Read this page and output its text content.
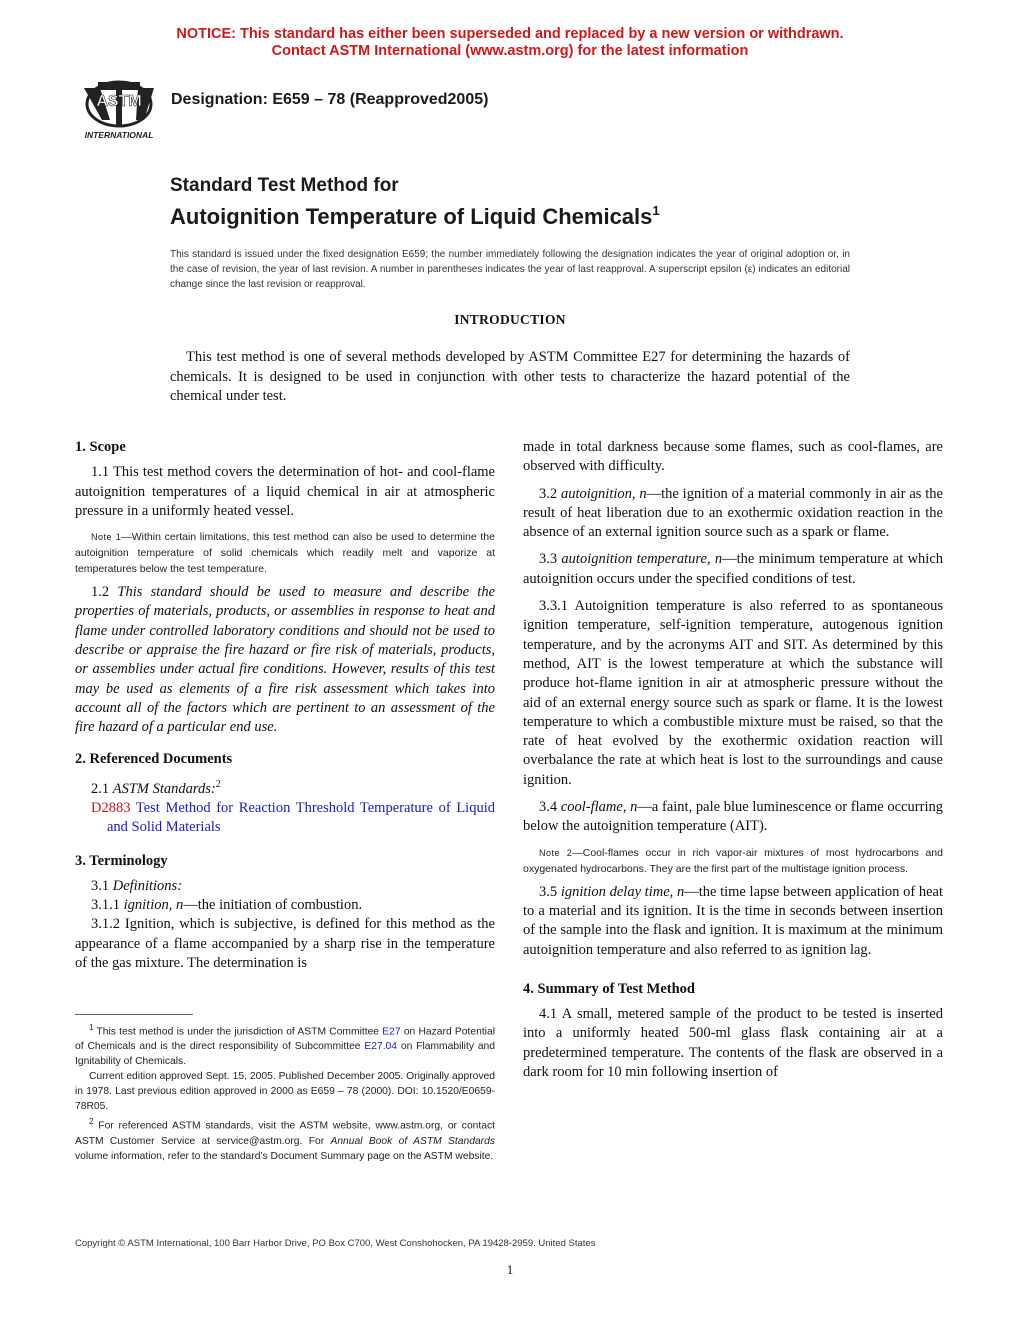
NOTICE: This standard has either been superseded and replaced by a new version or withdrawn.
Contact ASTM International (www.astm.org) for the latest information
ASTM
INTERNATIONAL
Designation: E659 – 78 (Reapproved2005)
Standard Test Method for
Autoignition Temperature of Liquid Chemicals$^1$
This standard is issued under the fixed designation E659; the number immediately following the designation indicates the year of original adoption or, in the case of revision, the year of last revision. A number in parentheses indicates the year of last reapproval. A superscript epsilon (ε) indicates an editorial change since the last revision or reapproval.
INTRODUCTION
This test method is one of several methods developed by ASTM Committee E27 for determining the hazards of chemicals. It is designed to be used in conjunction with other tests to characterize the hazard potential of the chemical under test.

1. Scope

1.1 This test method covers the determination of hot- and cool-flame autoignition temperatures of a liquid chemical in air at atmospheric pressure in a uniformly heated vessel.

Note 1—Within certain limitations, this test method can also be used to determine the autoignition temperature of solid chemicals which readily melt and vaporize at temperatures below the test temperature.

1.2 This standard should be used to measure and describe the properties of materials, products, or assemblies in response to heat and flame under controlled laboratory conditions and should not be used to describe or appraise the fire hazard or fire risk of materials, products, or assemblies under actual fire conditions. However, results of this test may be used as elements of a fire risk assessment which takes into account all of the factors which are pertinent to an assessment of the fire hazard of a particular end use.

2. Referenced Documents

2.1 ASTM Standards:$^2$

D2883 Test Method for Reaction Threshold Temperature of Liquid and Solid Materials

3. Terminology

3.1 Definitions:

3.1.1 ignition, n—the initiation of combustion.

3.1.2 Ignition, which is subjective, is defined for this method as the appearance of a flame accompanied by a sharp rise in the temperature of the gas mixture. The determination is

$^1$ This test method is under the jurisdiction of ASTM Committee E27 on Hazard Potential of Chemicals and is the direct responsibility of Subcommittee E27.04 on Flammability and Ignitability of Chemicals.

Current edition approved Sept. 15, 2005. Published December 2005. Originally approved in 1978. Last previous edition approved in 2000 as E659 – 78 (2000). DOI: 10.1520/E0659-78R05.

$^2$ For referenced ASTM standards, visit the ASTM website, www.astm.org, or contact ASTM Customer Service at service@astm.org. For Annual Book of ASTM Standards volume information, refer to the standard’s Document Summary page on the ASTM website.

made in total darkness because some flames, such as cool-flames, are observed with difficulty.

3.2 autoignition, n—the ignition of a material commonly in air as the result of heat liberation due to an exothermic oxidation reaction in the absence of an external ignition source such as a spark or flame.

3.3 autoignition temperature, n—the minimum temperature at which autoignition occurs under the specified conditions of test.

3.3.1 Autoignition temperature is also referred to as spontaneous ignition temperature, self-ignition temperature, autogenous ignition temperature, and by the acronyms AIT and SIT. As determined by this method, AIT is the lowest temperature at which the substance will produce hot-flame ignition in air at atmospheric pressure without the aid of an external energy source such as spark or flame. It is the lowest temperature to which a combustible mixture must be raised, so that the rate of heat evolved by the exothermic oxidation reaction will overbalance the rate at which heat is lost to the surroundings and cause ignition.

3.4 cool-flame, n—a faint, pale blue luminescence or flame occurring below the autoignition temperature (AIT).

Note 2—Cool-flames occur in rich vapor-air mixtures of most hydrocarbons and oxygenated hydrocarbons. They are the first part of the multistage ignition process.

3.5 ignition delay time, n—the time lapse between application of heat to a material and its ignition. It is the time in seconds between insertion of the sample into the flask and ignition. It is maximum at the minimum autoignition temperature and also referred to as ignition lag.

4. Summary of Test Method

4.1 A small, metered sample of the product to be tested is inserted into a uniformly heated 500-ml glass flask containing air at a predetermined temperature. The contents of the flask are observed in a dark room for 10 min following insertion of

Copyright © ASTM International, 100 Barr Harbor Drive, PO Box C700, West Conshohocken, PA 19428-2959. United States
1
